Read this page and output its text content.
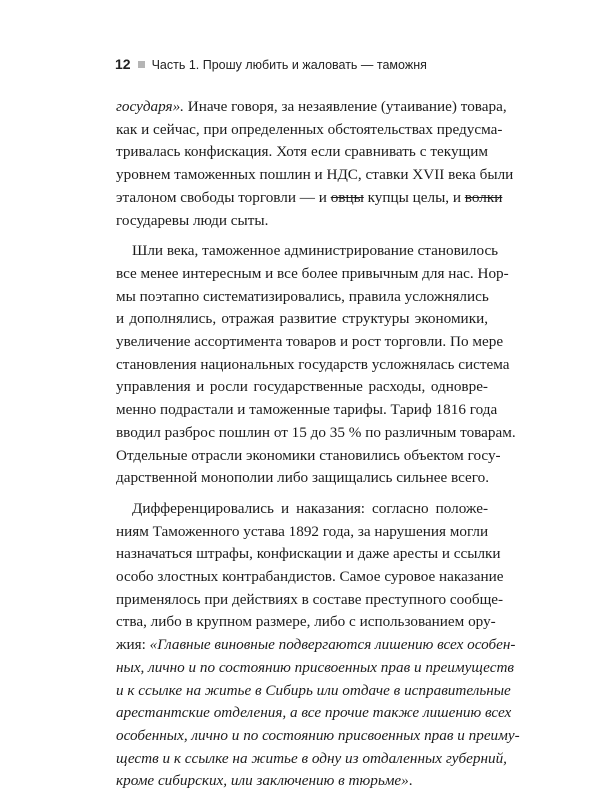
12 Часть 1. Прошу любить и жаловать — таможня
государя». Иначе говоря, за незаявление (утаивание) товара,
как и сейчас, при определенных обстоятельствах предусма-
тривалась конфискация. Хотя если сравнивать с текущим
уровнем таможенных пошлин и НДС, ставки XVII века были
эталоном свободы торговли — и овцы купцы целы, и волки
государевы люди сыты.
Шли века, таможенное администрирование становилось
все менее интересным и все более привычным для нас. Нор-
мы поэтапно систематизировались, правила усложнялись
и дополнялись, отражая развитие структуры экономики,
увеличение ассортимента товаров и рост торговли. По мере
становления национальных государств усложнялась система
управления и росли государственные расходы, одновре-
менно подрастали и таможенные тарифы. Тариф 1816 года
вводил разброс пошлин от 15 до 35 % по различным товарам.
Отдельные отрасли экономики становились объектом госу-
дарственной монополии либо защищались сильнее всего.
Дифференцировались и наказания: согласно положе-
ниям Таможенного устава 1892 года, за нарушения могли
назначаться штрафы, конфискации и даже аресты и ссылки
особо злостных контрабандистов. Самое суровое наказание
применялось при действиях в составе преступного сообще-
ства, либо в крупном размере, либо с использованием ору-
жия: «Главные виновные подвергаются лишению всех особен-
ных, лично и по состоянию присвоенных прав и преимуществ
и к ссылке на житье в Сибирь или отдаче в исправительные
арестантские отделения, а все прочие также лишению всех
особенных, лично и по состоянию присвоенных прав и преиму-
ществ и к ссылке на житье в одну из отдаленных губерний,
кроме сибирских, или заключению в тюрьме».
